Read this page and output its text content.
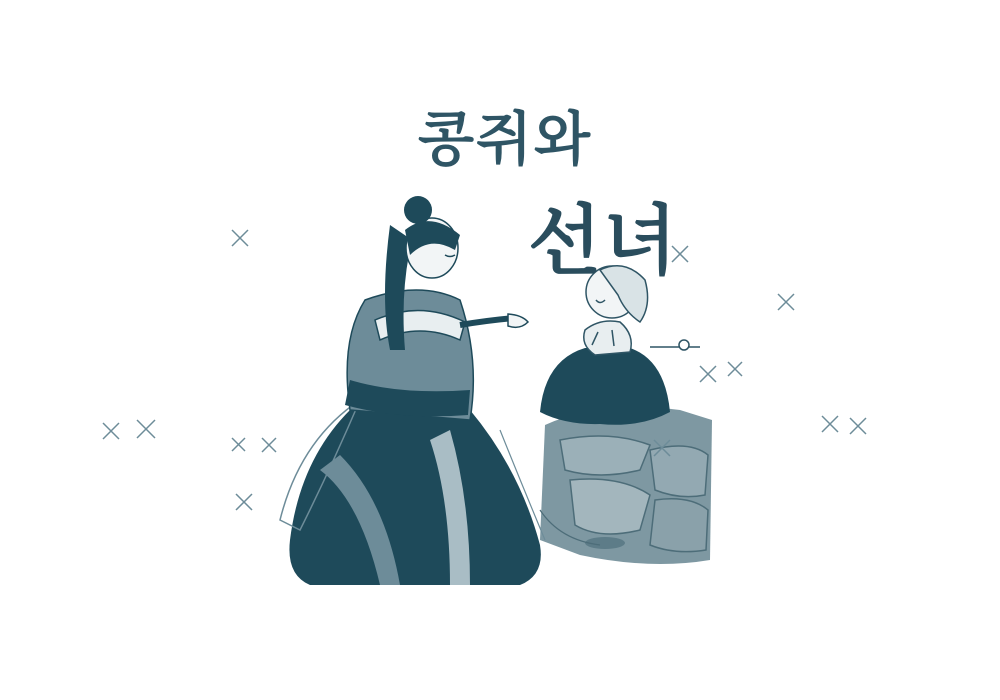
콩쥐와
선녀
